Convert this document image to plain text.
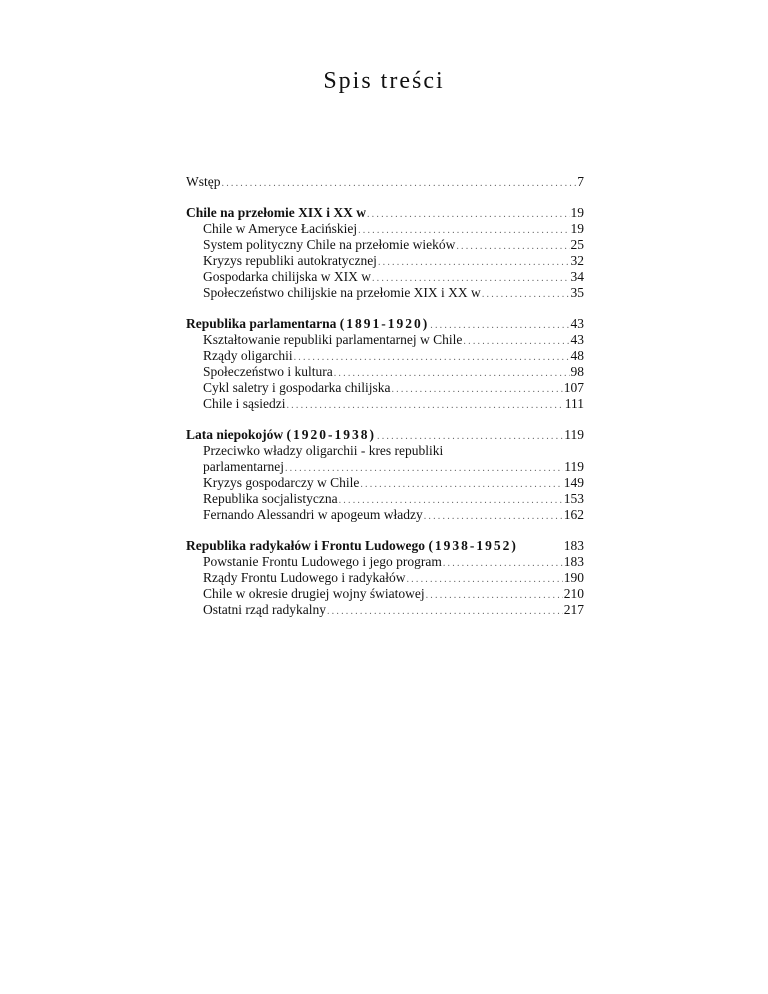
Spis treści
Wstęp .....	7
Chile na przełomie XIX i XX w .....	19
Chile w Ameryce Łacińskiej .....	19
System polityczny Chile na przełomie wieków .....	25
Kryzys republiki autokratycznej .....	32
Gospodarka chilijska w XIX w .....	34
Społeczeństwo chilijskie na przełomie XIX i XX w .....	35
Republika parlamentarna (1891-1920) .....	43
Kształtowanie republiki parlamentarnej w Chile .....	43
Rządy oligarchii .....	48
Społeczeństwo i kultura .....	98
Cykl saletry i gospodarka chilijska .....	107
Chile i sąsiedzi .....	111
Lata niepokojów (1920-1938) .....	119
Przeciwko władzy oligarchii - kres republiki
parlamentarnej .....	119
Kryzys gospodarczy w Chile .....	149
Republika socjalistyczna .....	153
Fernando Alessandri w apogeum władzy .....	162
Republika radykałów i Frontu Ludowego (1938-1952)	183
Powstanie Frontu Ludowego i jego program .....	183
Rządy Frontu Ludowego i radykałów .....	190
Chile w okresie drugiej wojny światowej .....	210
Ostatni rząd radykalny .....	217
